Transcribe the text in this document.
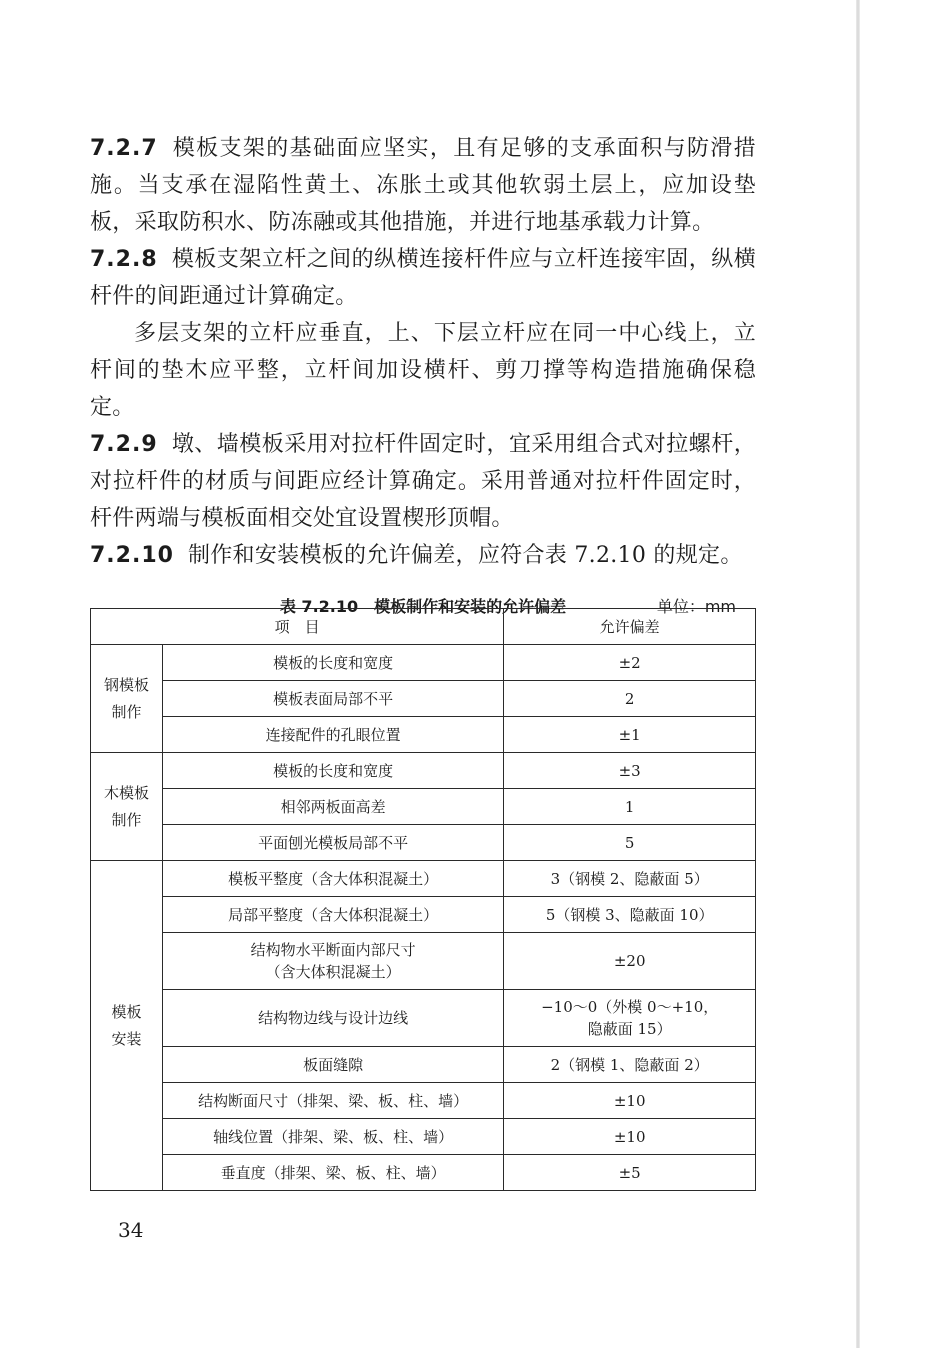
7.2.7 模板支架的基础面应坚实，且有足够的支承面积与防滑措施。当支承在湿陷性黄土、冻胀土或其他软弱土层上，应加设垫板，采取防积水、防冻融或其他措施，并进行地基承载力计算。

7.2.8 模板支架立杆之间的纵横连接杆件应与立杆连接牢固，纵横杆件的间距通过计算确定。

多层支架的立杆应垂直，上、下层立杆应在同一中心线上，立杆间的垫木应平整，立杆间加设横杆、剪刀撑等构造措施确保稳定。

7.2.9 墩、墙模板采用对拉杆件固定时，宜采用组合式对拉螺杆，对拉杆件的材质与间距应经计算确定。采用普通对拉杆件固定时，杆件两端与模板面相交处宜设置楔形顶帽。

7.2.10 制作和安装模板的允许偏差，应符合表 7.2.10 的规定。

表 7.2.10　模板制作和安装的允许偏差	单位：mm
项　目		允许偏差
钢模板
制作	模板的长度和宽度	±2
	模板表面局部不平	2
	连接配件的孔眼位置	±1
木模板
制作	模板的长度和宽度	±3
	相邻两板面高差	1
	平面刨光模板局部不平	5
模板
安装	模板平整度（含大体积混凝土）	3（钢模 2、隐蔽面 5）
	局部平整度（含大体积混凝土）	5（钢模 3、隐蔽面 10）
	结构物水平断面内部尺寸
（含大体积混凝土）	±20
	结构物边线与设计边线	−10～0（外模 0～+10，
隐蔽面 15）
	板面缝隙	2（钢模 1、隐蔽面 2）
	结构断面尺寸（排架、梁、板、柱、墙）	±10
	轴线位置（排架、梁、板、柱、墙）	±10
	垂直度（排架、梁、板、柱、墙）	±5
34
